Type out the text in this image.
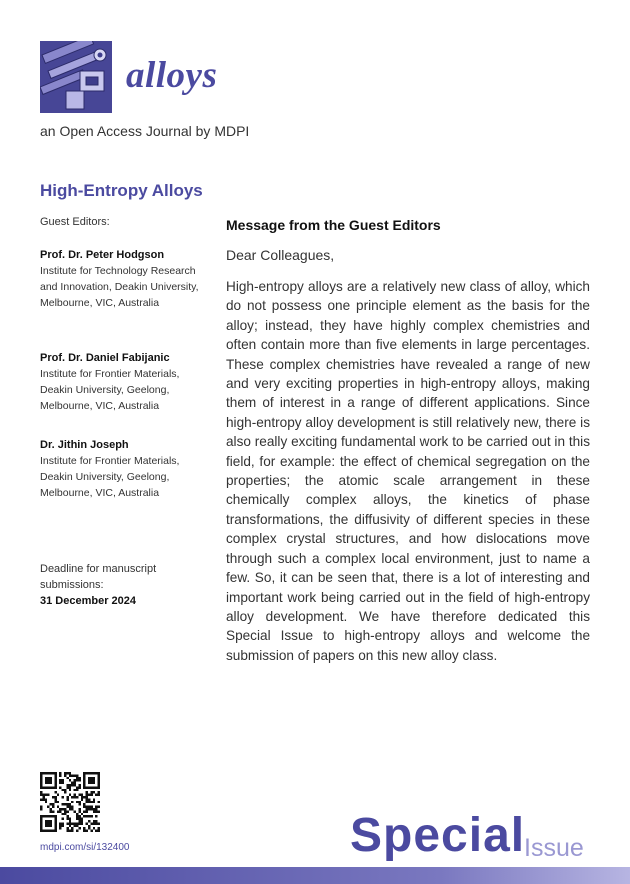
alloys
an Open Access Journal by MDPI
High-Entropy Alloys
Guest Editors:
Prof. Dr. Peter Hodgson
Institute for Technology Research and Innovation, Deakin University, Melbourne, VIC, Australia
Prof. Dr. Daniel Fabijanic
Institute for Frontier Materials, Deakin University, Geelong, Melbourne, VIC, Australia
Dr. Jithin Joseph
Institute for Frontier Materials, Deakin University, Geelong, Melbourne, VIC, Australia
Deadline for manuscript submissions:
31 December 2024
Message from the Guest Editors
Dear Colleagues,
High-entropy alloys are a relatively new class of alloy, which do not possess one principle element as the basis for the alloy; instead, they have highly complex chemistries and often contain more than five elements in large percentages. These complex chemistries have revealed a range of new and very exciting properties in high-entropy alloys, making them of interest in a range of different applications. Since high-entropy alloy development is still relatively new, there is also really exciting fundamental work to be carried out in this field, for example: the effect of chemical segregation on the properties; the atomic scale arrangement in these chemically complex alloys, the kinetics of phase transformations, the diffusivity of different species in these complex crystal structures, and how dislocations move through such a complex local environment, just to name a few. So, it can be seen that, there is a lot of interesting and important work being carried out in the field of high-entropy alloy development. We have therefore dedicated this Special Issue to high-entropy alloys and welcome the submission of papers on this new alloy class.
mdpi.com/si/132400	Special
Issue
